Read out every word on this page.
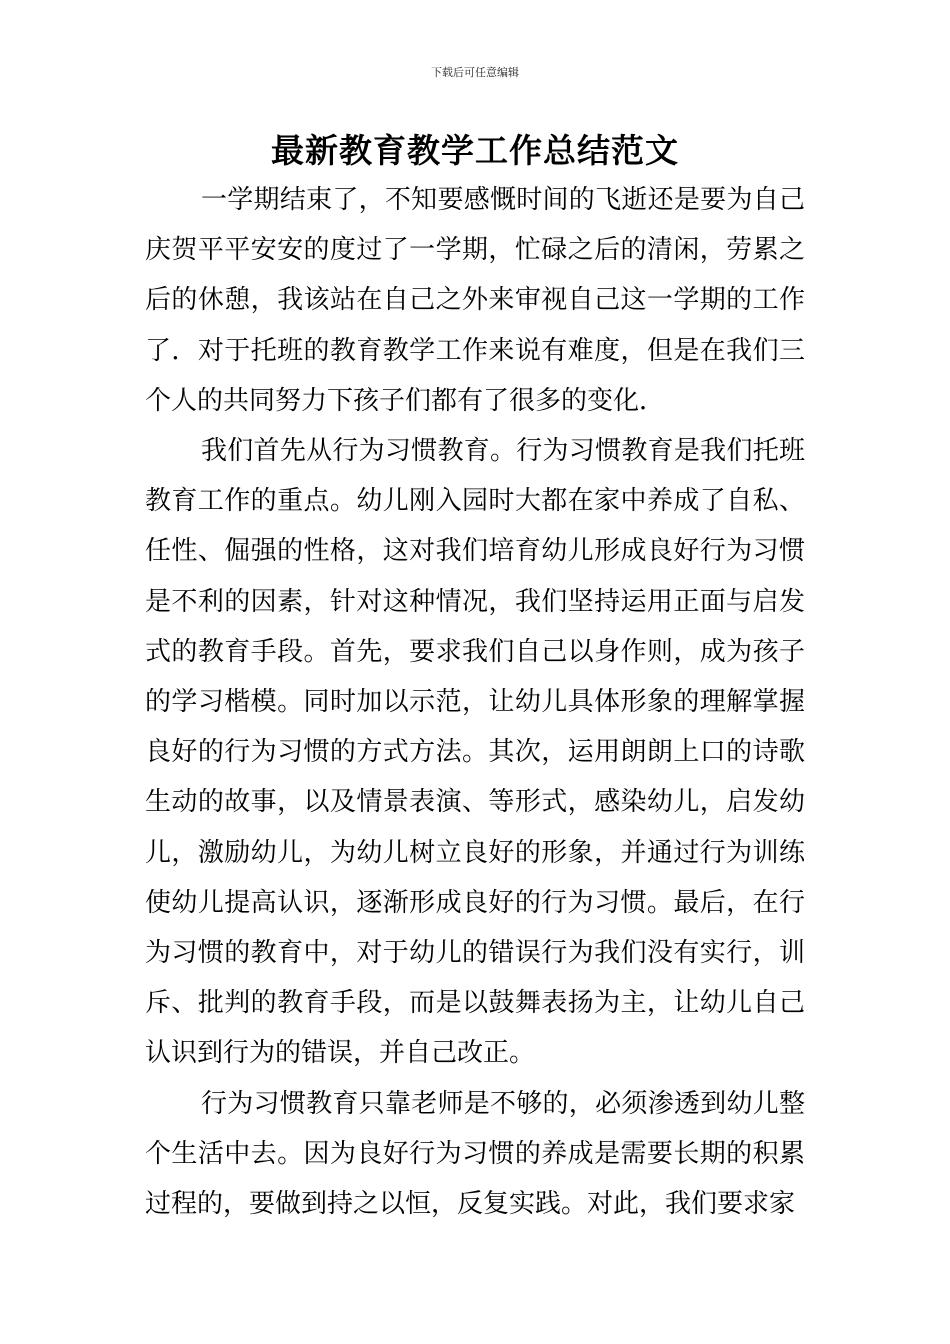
下载后可任意编辑
最新教育教学工作总结范文

一学期结束了，不知要感慨时间的飞逝还是要为自己庆贺平平安安的度过了一学期，忙碌之后的清闲，劳累之后的休憩，我该站在自己之外来审视自己这一学期的工作了．对于托班的教育教学工作来说有难度，但是在我们三个人的共同努力下孩子们都有了很多的变化．

我们首先从行为习惯教育。行为习惯教育是我们托班教育工作的重点。幼儿刚入园时大都在家中养成了自私、任性、倔强的性格，这对我们培育幼儿形成良好行为习惯是不利的因素，针对这种情况，我们坚持运用正面与启发式的教育手段。首先，要求我们自己以身作则，成为孩子的学习楷模。同时加以示范，让幼儿具体形象的理解掌握良好的行为习惯的方式方法。其次，运用朗朗上口的诗歌生动的故事，以及情景表演、等形式，感染幼儿，启发幼儿，激励幼儿，为幼儿树立良好的形象，并通过行为训练使幼儿提高认识，逐渐形成良好的行为习惯。最后，在行为习惯的教育中，对于幼儿的错误行为我们没有实行，训斥、批判的教育手段，而是以鼓舞表扬为主，让幼儿自己认识到行为的错误，并自己改正。

行为习惯教育只靠老师是不够的，必须渗透到幼儿整个生活中去。因为良好行为习惯的养成是需要长期的积累过程的，要做到持之以恒，反复实践。对此，我们要求家
